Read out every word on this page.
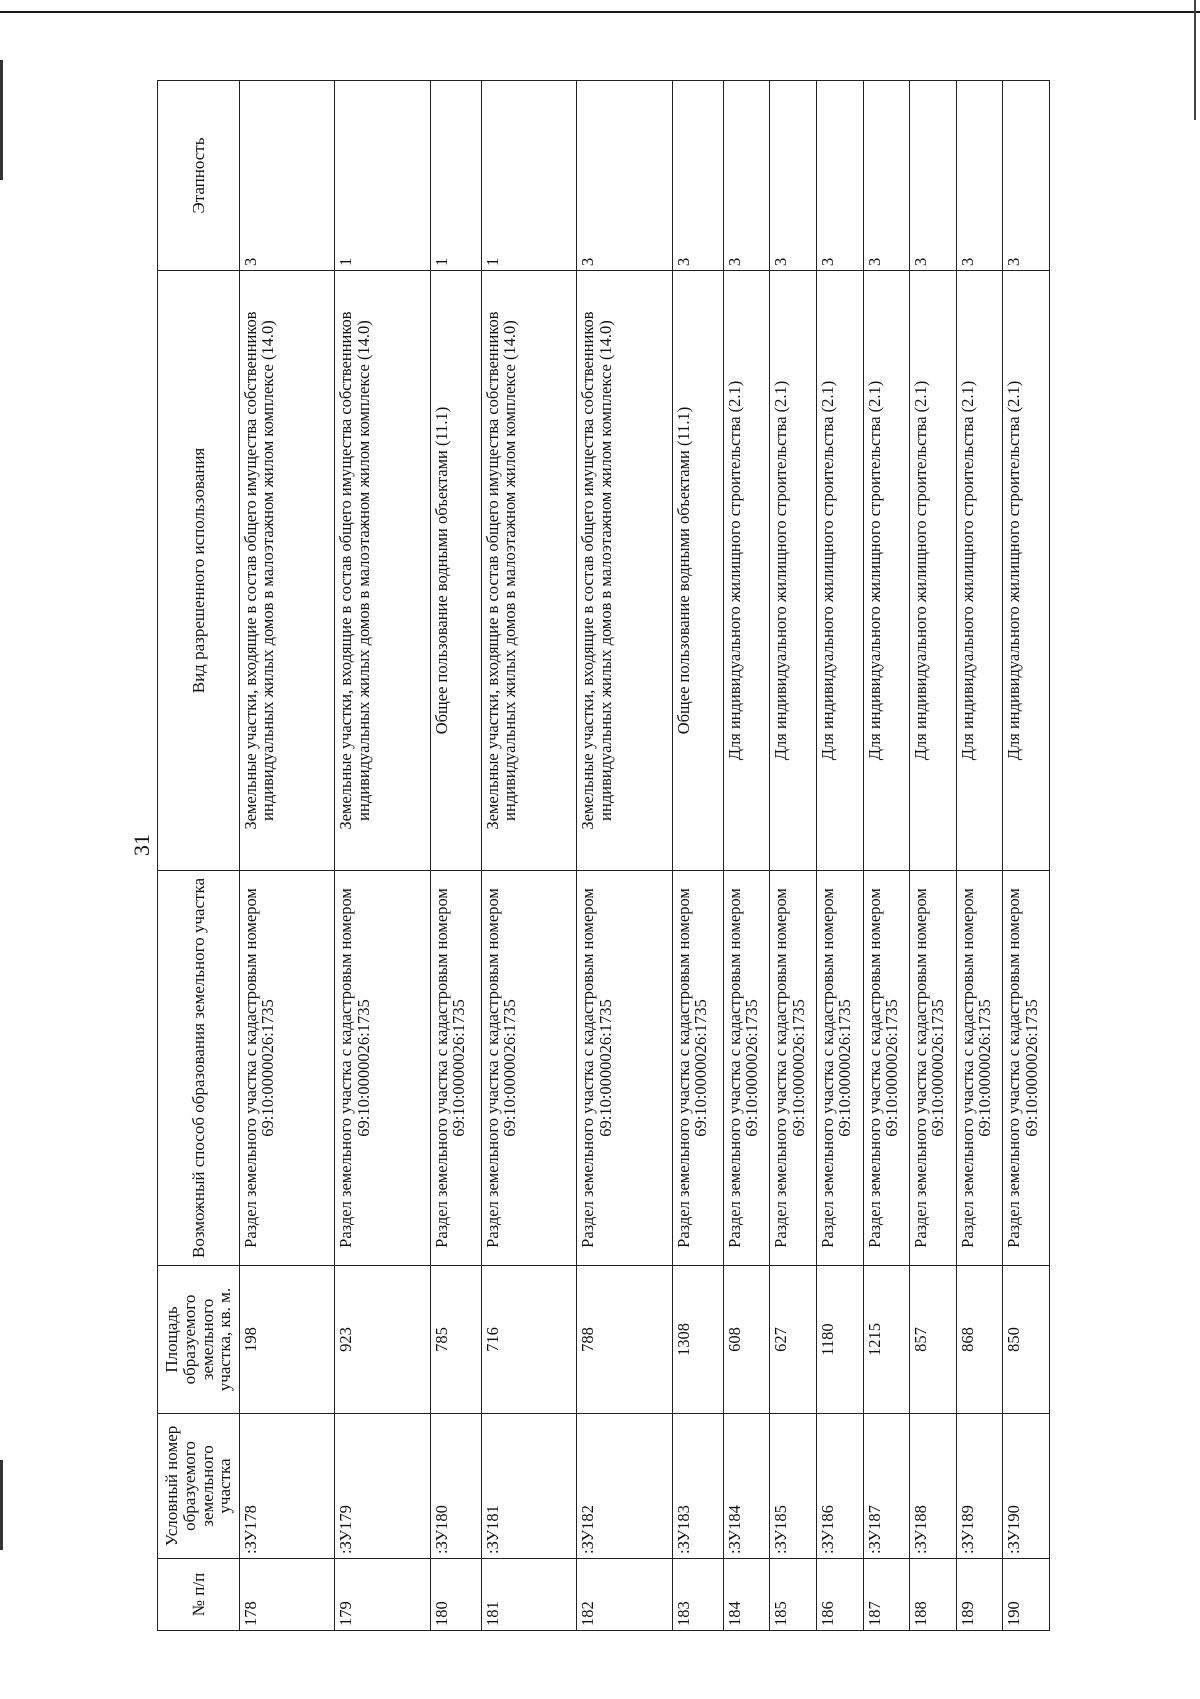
31
№ п/п	Условный номер образуемого земельного участка	Площадь образуемого земельного участка, кв. м.	Возможный способ образования земельного участка	Вид разрешенного использования	Этапность
178	:ЗУ178	198	Раздел земельного участка с кадастровым номером 69:10:0000026:1735	Земельные участки, входящие в состав общего имущества собственников индивидуальных жилых домов в малоэтажном жилом комплексе (14.0)	3
179	:ЗУ179	923	Раздел земельного участка с кадастровым номером 69:10:0000026:1735	Земельные участки, входящие в состав общего имущества собственников индивидуальных жилых домов в малоэтажном жилом комплексе (14.0)	1
180	:ЗУ180	785	Раздел земельного участка с кадастровым номером 69:10:0000026:1735	Общее пользование водными объектами (11.1)	1
181	:ЗУ181	716	Раздел земельного участка с кадастровым номером 69:10:0000026:1735	Земельные участки, входящие в состав общего имущества собственников индивидуальных жилых домов в малоэтажном жилом комплексе (14.0)	1
182	:ЗУ182	788	Раздел земельного участка с кадастровым номером 69:10:0000026:1735	Земельные участки, входящие в состав общего имущества собственников индивидуальных жилых домов в малоэтажном жилом комплексе (14.0)	3
183	:ЗУ183	1308	Раздел земельного участка с кадастровым номером 69:10:0000026:1735	Общее пользование водными объектами (11.1)	3
184	:ЗУ184	608	Раздел земельного участка с кадастровым номером 69:10:0000026:1735	Для индивидуального жилищного строительства (2.1)	3
185	:ЗУ185	627	Раздел земельного участка с кадастровым номером 69:10:0000026:1735	Для индивидуального жилищного строительства (2.1)	3
186	:ЗУ186	1180	Раздел земельного участка с кадастровым номером 69:10:0000026:1735	Для индивидуального жилищного строительства (2.1)	3
187	:ЗУ187	1215	Раздел земельного участка с кадастровым номером 69:10:0000026:1735	Для индивидуального жилищного строительства (2.1)	3
188	:ЗУ188	857	Раздел земельного участка с кадастровым номером 69:10:0000026:1735	Для индивидуального жилищного строительства (2.1)	3
189	:ЗУ189	868	Раздел земельного участка с кадастровым номером 69:10:0000026:1735	Для индивидуального жилищного строительства (2.1)	3
190	:ЗУ190	850	Раздел земельного участка с кадастровым номером 69:10:0000026:1735	Для индивидуального жилищного строительства (2.1)	3
